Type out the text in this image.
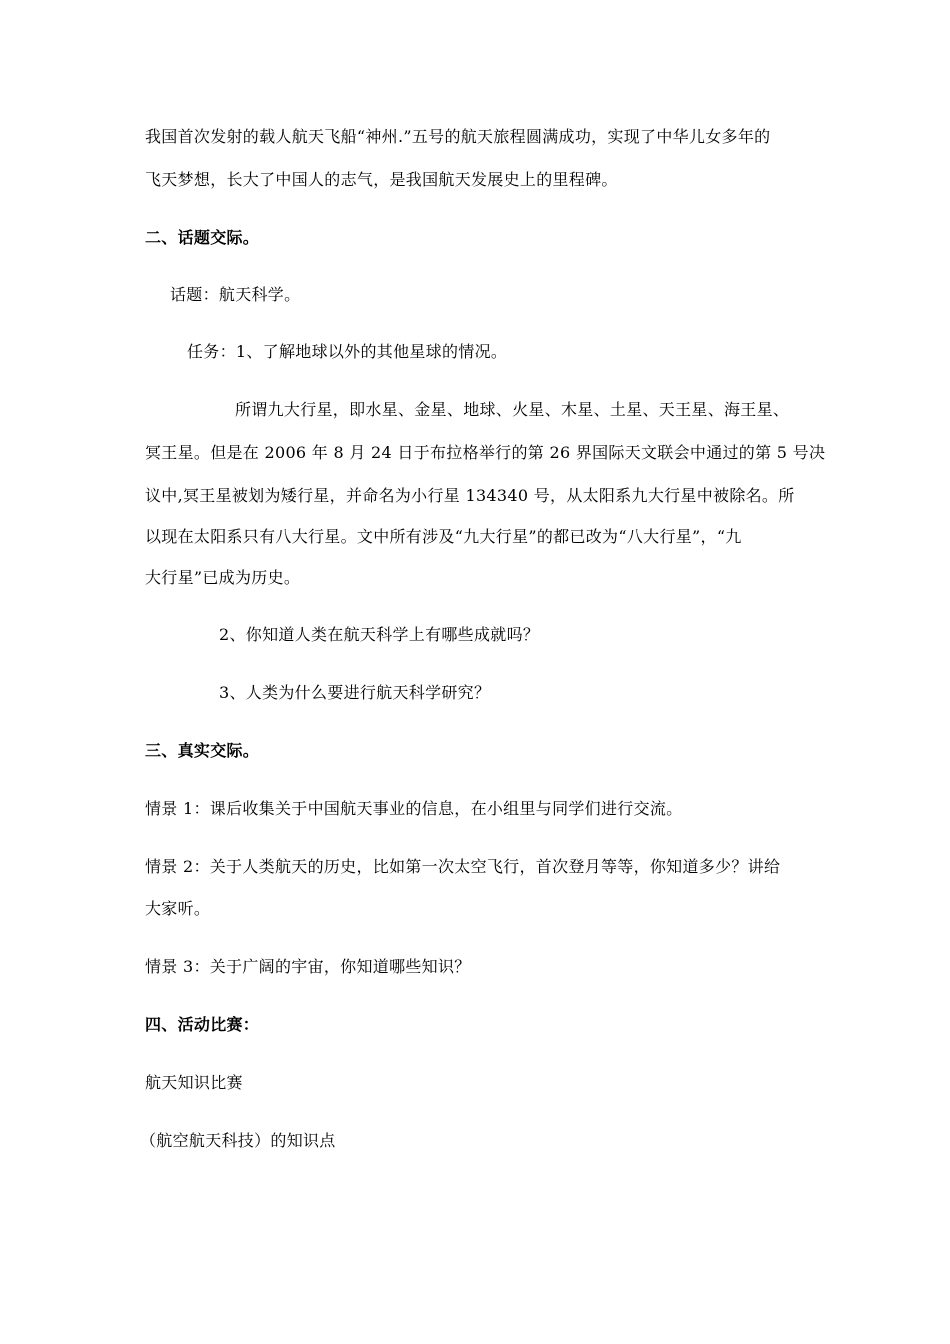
我国首次发射的载人航天飞船“神州.”五号的航天旅程圆满成功，实现了中华儿女多年的
飞天梦想，长大了中国人的志气，是我国航天发展史上的里程碑。
二、话题交际。
话题：航天科学。
任务：1、了解地球以外的其他星球的情况。
所谓九大行星，即水星、金星、地球、火星、木星、土星、天王星、海王星、
冥王星。但是在 2006 年 8 月 24 日于布拉格举行的第 26 界国际天文联会中通过的第 5 号决
议中,冥王星被划为矮行星，并命名为小行星 134340 号，从太阳系九大行星中被除名。所
以现在太阳系只有八大行星。文中所有涉及“九大行星”的都已改为“八大行星”，“九
大行星”已成为历史。
2、你知道人类在航天科学上有哪些成就吗？
3、人类为什么要进行航天科学研究？
三、真实交际。
情景 1：课后收集关于中国航天事业的信息，在小组里与同学们进行交流。
情景 2：关于人类航天的历史，比如第一次太空飞行，首次登月等等，你知道多少？讲给
大家听。
情景 3：关于广阔的宇宙，你知道哪些知识？
四、活动比赛：
航天知识比赛
（航空航天科技）的知识点
